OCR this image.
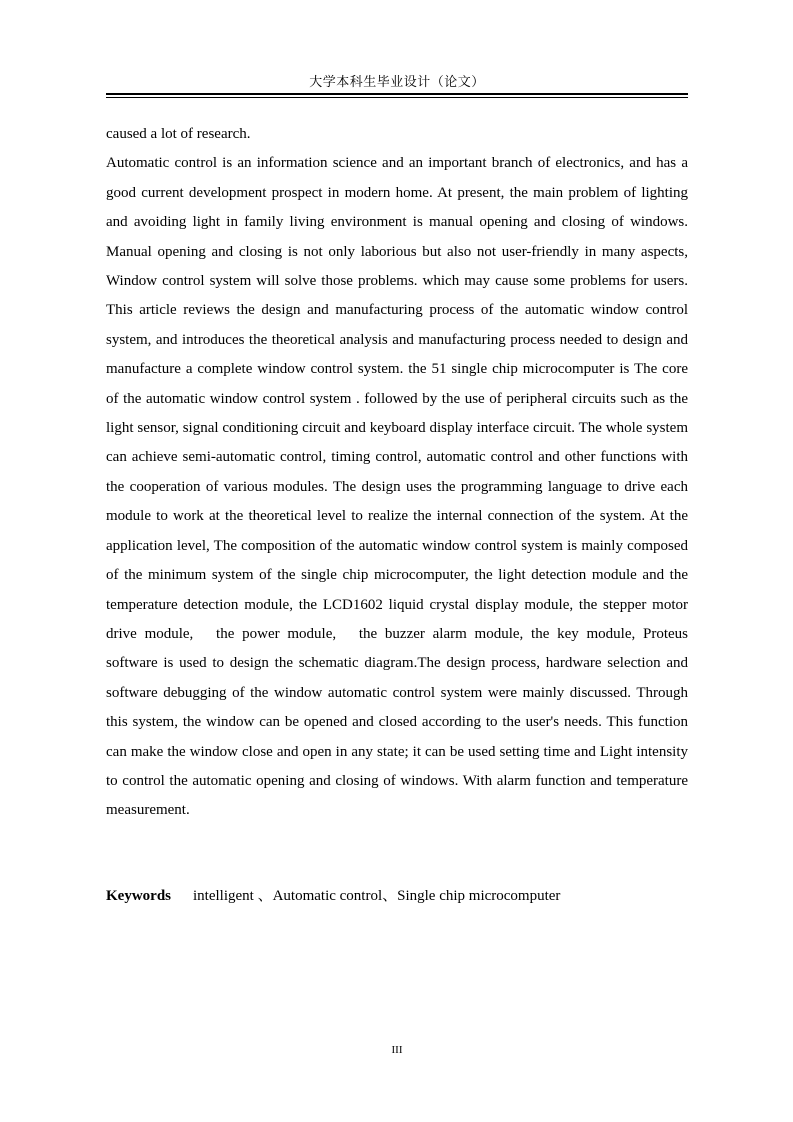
大学本科生毕业设计（论文）

caused a lot of research.

Automatic control is an information science and an important branch of electronics, and has a good current development prospect in modern home. At present, the main problem of lighting and avoiding light in family living environment is manual opening and closing of windows. Manual opening and closing is not only laborious but also not user-friendly in many aspects, Window control system will solve those problems. which may cause some problems for users. This article reviews the design and manufacturing process of the automatic window control system, and introduces the theoretical analysis and manufacturing process needed to design and manufacture a complete window control system. the 51 single chip microcomputer is The core of the automatic window control system . followed by the use of peripheral circuits such as the light sensor, signal conditioning circuit and keyboard display interface circuit. The whole system can achieve semi-automatic control, timing control, automatic control and other functions with the cooperation of various modules. The design uses the programming language to drive each module to work at the theoretical level to realize the internal connection of the system. At the application level, The composition of the automatic window control system is mainly composed of the minimum system of the single chip microcomputer, the light detection module and the temperature detection module, the LCD1602 liquid crystal display module, the stepper motor drive module,  the power module,  the buzzer alarm module, the key module, Proteus software is used to design the schematic diagram.The design process, hardware selection and software debugging of the window automatic control system were mainly discussed. Through this system, the window can be opened and closed according to the user's needs. This function can make the window close and open in any state; it can be used setting time and Light intensity to control the automatic opening and closing of windows. With alarm function and temperature measurement.

Keywords intelligent 、Automatic control、Single chip microcomputer
III
